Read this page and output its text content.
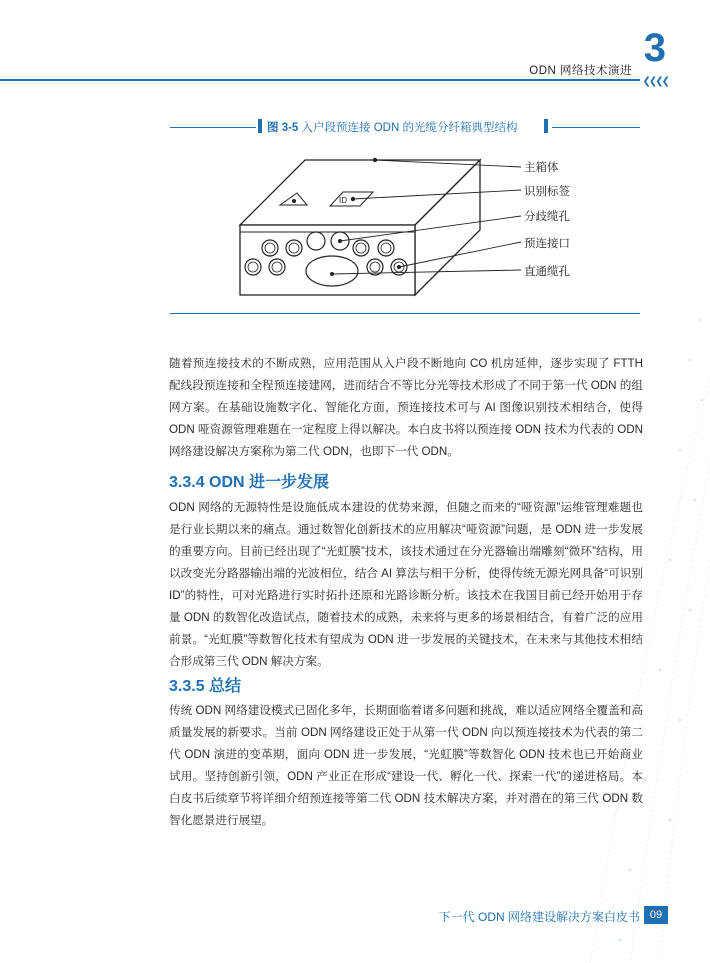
ODN 网络技术演进
3
❮❮❮❮
图 3-5 入户段预连接 ODN 的光缆分纤箱典型结构
ID
主箱体
识别标签
分歧缆孔
预连接口
直通缆孔

随着预连接技术的不断成熟，应用范围从入户段不断地向 CO 机房延伸，逐步实现了 FTTH 配线段预连接和全程预连接建网，进而结合不等比分光等技术形成了不同于第一代 ODN 的组网方案。在基础设施数字化、智能化方面，预连接技术可与 AI 图像识别技术相结合，使得 ODN 哑资源管理难题在一定程度上得以解决。本白皮书将以预连接 ODN 技术为代表的 ODN 网络建设解决方案称为第二代 ODN，也即下一代 ODN。

3.3.4 ODN 进一步发展

ODN 网络的无源特性是设施低成本建设的优势来源，但随之而来的“哑资源”运维管理难题也是行业长期以来的痛点。通过数智化创新技术的应用解决“哑资源”问题，是 ODN 进一步发展的重要方向。目前已经出现了“光虹膜”技术，该技术通过在分光器输出端雕刻“微环”结构，用以改变光分路器输出端的光波相位，结合 AI 算法与相干分析，使得传统无源光网具备“可识别 ID”的特性，可对光路进行实时拓扑还原和光路诊断分析。该技术在我国目前已经开始用于存量 ODN 的数智化改造试点，随着技术的成熟，未来将与更多的场景相结合，有着广泛的应用前景。“光虹膜”等数智化技术有望成为 ODN 进一步发展的关键技术，在未来与其他技术相结合形成第三代 ODN 解决方案。

3.3.5 总结

传统 ODN 网络建设模式已固化多年，长期面临着诸多问题和挑战，难以适应网络全覆盖和高质量发展的新要求。当前 ODN 网络建设正处于从第一代 ODN 向以预连接技术为代表的第二代 ODN 演进的变革期，面向 ODN 进一步发展，“光虹膜”等数智化 ODN 技术也已开始商业试用。坚持创新引领，ODN 产业正在形成“建设一代、孵化一代、探索一代”的递进格局。本白皮书后续章节将详细介绍预连接等第二代 ODN 技术解决方案，并对潜在的第三代 ODN 数智化愿景进行展望。

下一代 ODN 网络建设解决方案白皮书 09
